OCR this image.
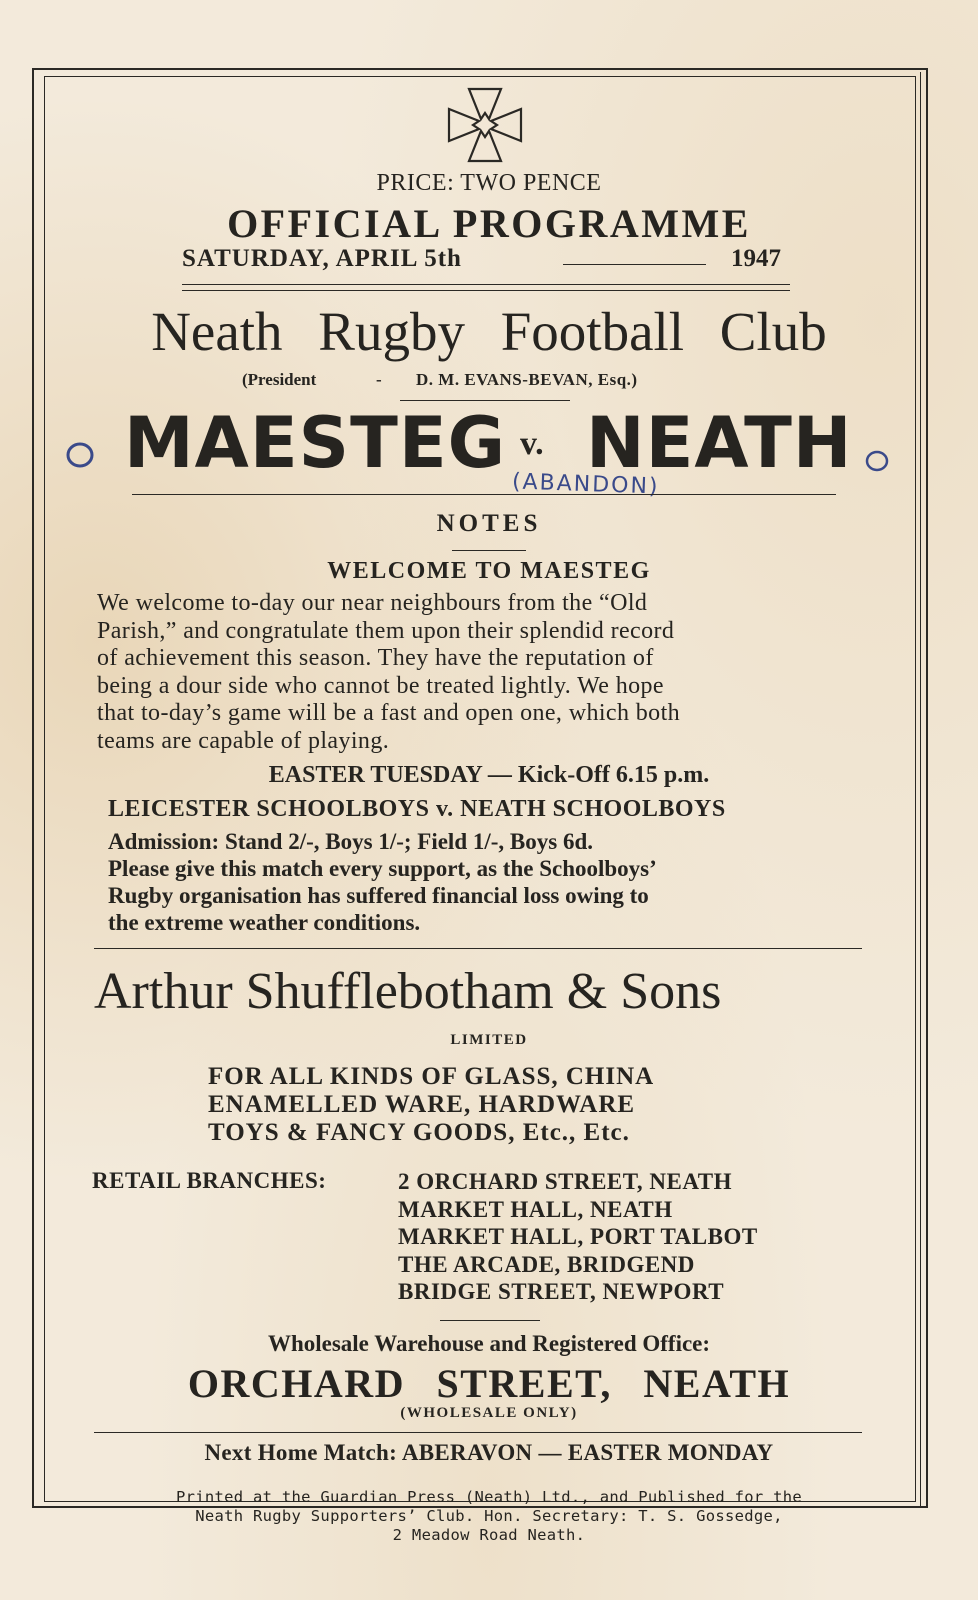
PRICE: TWO PENCE
OFFICIAL PROGRAMME
SATURDAY, APRIL 5th	1947
Neath Rugby Football Club
(President	- D. M. EVANS-BEVAN, Esq.)
MAESTEG v. NEATH
(ABANDON)
NOTES
WELCOME TO MAESTEG
We welcome to-day our near neighbours from the “Old
Parish,” and congratulate them upon their splendid record
of achievement this season. They have the reputation of
being a dour side who cannot be treated lightly. We hope
that to-day’s game will be a fast and open one, which both
teams are capable of playing.
EASTER TUESDAY — Kick-Off 6.15 p.m.
LEICESTER SCHOOLBOYS v. NEATH SCHOOLBOYS
Admission: Stand 2/-, Boys 1/-; Field 1/-, Boys 6d.
Please give this match every support, as the Schoolboys’
Rugby organisation has suffered financial loss owing to
the extreme weather conditions.
Arthur Shufflebotham & Sons
LIMITED
FOR ALL KINDS OF GLASS, CHINA
ENAMELLED WARE, HARDWARE
TOYS & FANCY GOODS, Etc., Etc.
RETAIL BRANCHES:	2 ORCHARD STREET, NEATH
MARKET HALL, NEATH
MARKET HALL, PORT TALBOT
THE ARCADE, BRIDGEND
BRIDGE STREET, NEWPORT
Wholesale Warehouse and Registered Office:
ORCHARD STREET, NEATH
(WHOLESALE ONLY)
Next Home Match: ABERAVON — EASTER MONDAY
Printed at the Guardian Press (Neath) Ltd., and Published for the
Neath Rugby Supporters’ Club. Hon. Secretary: T. S. Gossedge,
2 Meadow Road Neath.
